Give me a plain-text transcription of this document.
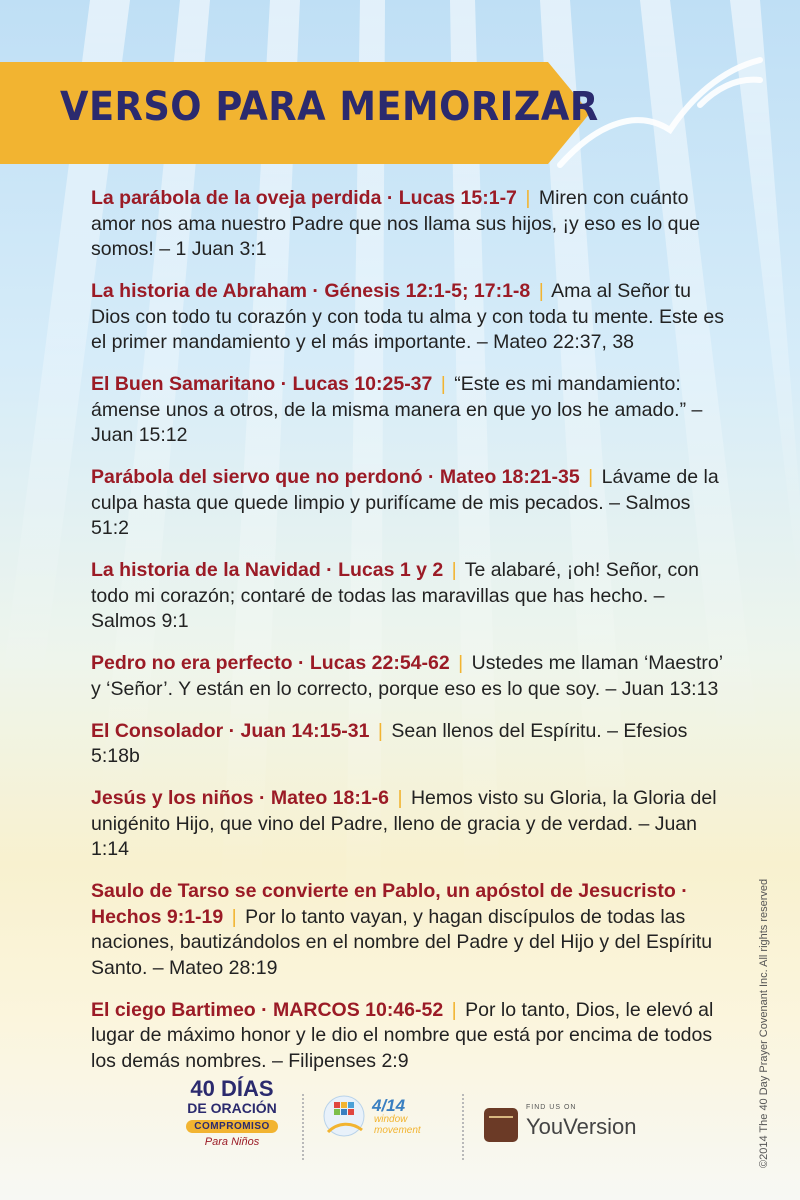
VERSO PARA MEMORIZAR
La parábola de la oveja perdida · Lucas 15:1-7 | Miren con cuánto amor nos ama nuestro Padre que nos llama sus hijos, ¡y eso es lo que somos! – 1 Juan 3:1
La historia de Abraham · Génesis 12:1-5; 17:1-8 | Ama al Señor tu Dios con todo tu corazón y con toda tu alma y con toda tu mente. Este es el primer mandamiento y el más importante. – Mateo 22:37, 38
El Buen Samaritano · Lucas 10:25-37 | “Este es mi mandamiento: ámense unos a otros, de la misma manera en que yo los he amado.” – Juan 15:12
Parábola del siervo que no perdonó · Mateo 18:21-35 | Lávame de la culpa hasta que quede limpio y purifícame de mis pecados. – Salmos 51:2
La historia de la Navidad · Lucas 1 y 2 | Te alabaré, ¡oh! Señor, con todo mi corazón; contaré de todas las maravillas que has hecho. – Salmos 9:1
Pedro no era perfecto · Lucas 22:54-62 | Ustedes me llaman ‘Maestro’ y ‘Señor’. Y están en lo correcto, porque eso es lo que soy. – Juan 13:13
El Consolador · Juan 14:15-31 | Sean llenos del Espíritu. – Efesios 5:18b
Jesús y los niños · Mateo 18:1-6 | Hemos visto su Gloria, la Gloria del unigénito Hijo, que vino del Padre, lleno de gracia y de verdad. – Juan 1:14
Saulo de Tarso se convierte en Pablo, un apóstol de Jesucristo · Hechos 9:1-19 | Por lo tanto vayan, y hagan discípulos de todas las naciones, bautizándolos en el nombre del Padre y del Hijo y del Espíritu Santo. – Mateo 28:19
El ciego Bartimeo · MARCOS 10:46-52 | Por lo tanto, Dios, le elevó al lugar de máximo honor y le dio el nombre que está por encima de todos los demás nombres. – Filipenses 2:9
40 DÍAS
DE ORACIÓN
COMPROMISO
Para Niños
4/14
window
movement
FIND US ON
YouVersion	©2014 The 40 Day Prayer Covenant Inc. All rights reserved
